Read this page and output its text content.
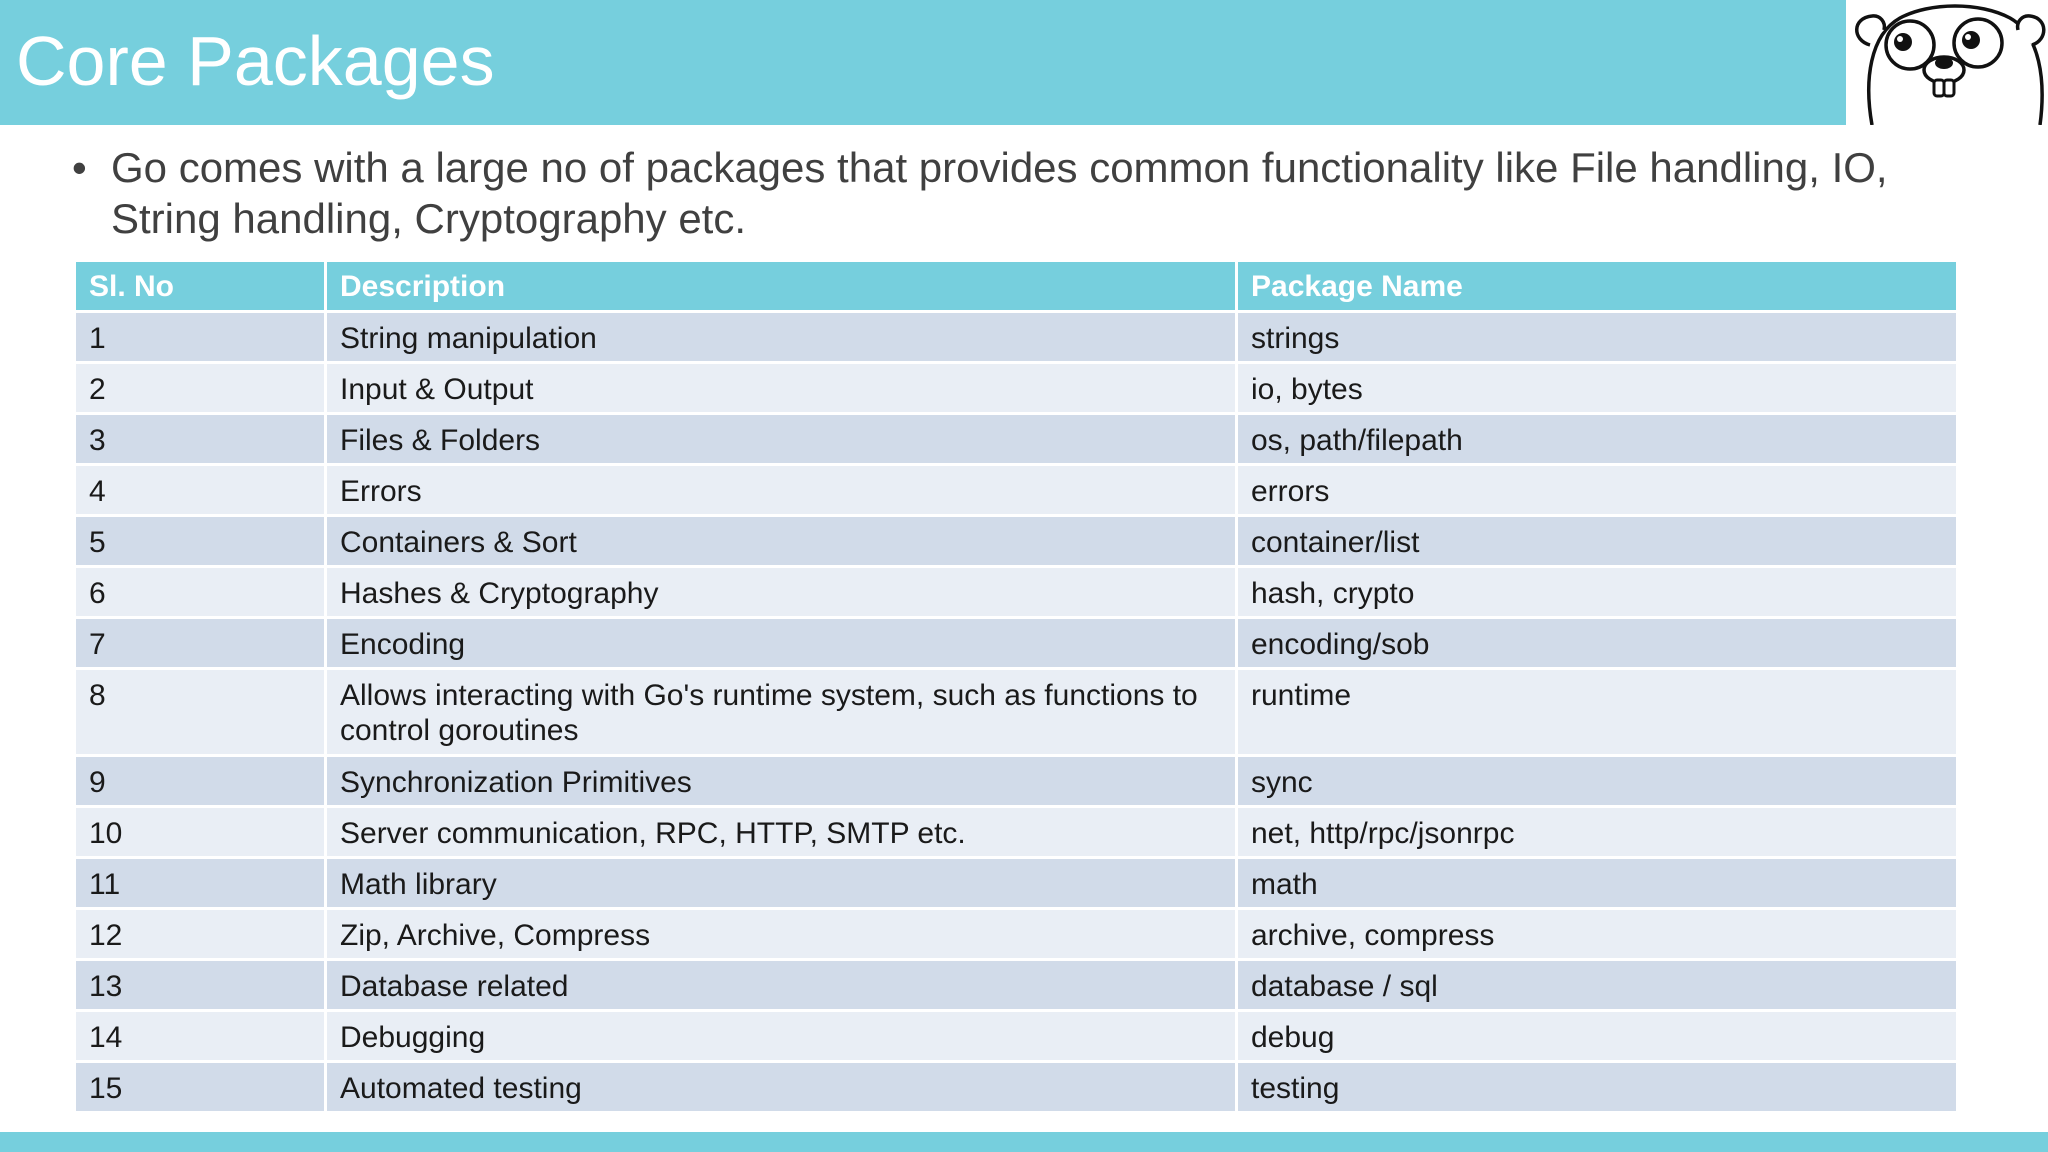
Core Packages
• Go comes with a large no of packages that provides common functionality like File handling, IO, String handling, Cryptography etc.
Sl. No	Description	Package Name
1	String manipulation	strings
2	Input & Output	io, bytes
3	Files & Folders	os, path/filepath
4	Errors	errors
5	Containers & Sort	container/list
6	Hashes & Cryptography	hash, crypto
7	Encoding	encoding/sob
8	Allows interacting with Go's runtime system, such as functions to control goroutines	runtime
9	Synchronization Primitives	sync
10	Server communication, RPC, HTTP, SMTP etc.	net, http/rpc/jsonrpc
11	Math library	math
12	Zip, Archive, Compress	archive, compress
13	Database related	database / sql
14	Debugging	debug
15	Automated testing	testing
